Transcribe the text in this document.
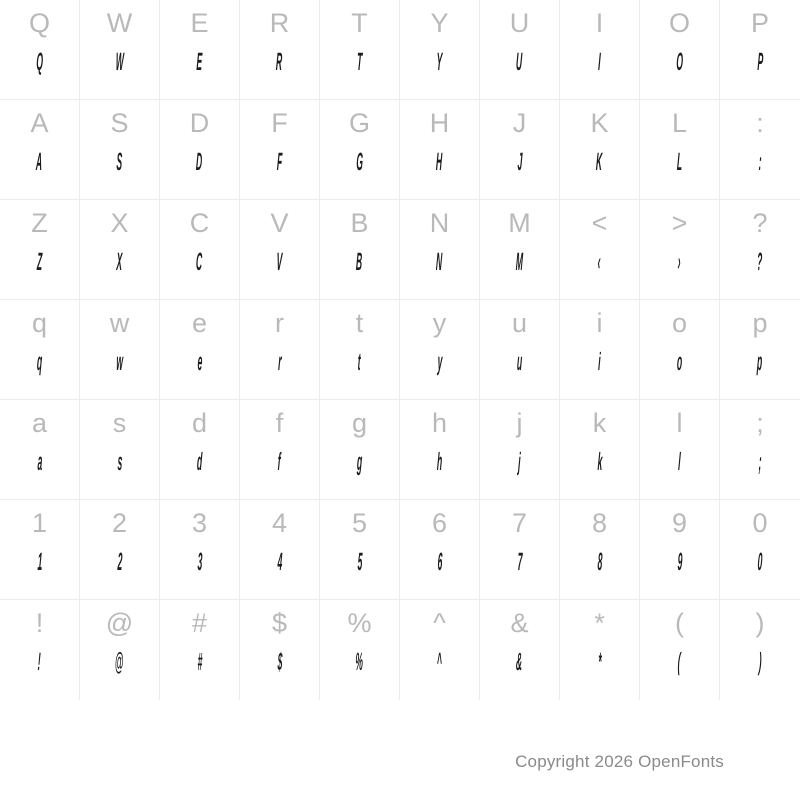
Q
Q
W
W
E
E
R
R
T
T
Y
Y
U
U
I
I
O
O
P
P
A
A
S
S
D
D
F
F
G
G
H
H
J
J
K
K
L
L
:
:
Z
Z
X
X
C
C
V
V
B
B
N
N
M
M
<
‹
>
›
?
?
q
q
w
w
e
e
r
r
t
t
y
y
u
u
i
i
o
o
p
p
a
a
s
s
d
d
f
f
g
g
h
h
j
j
k
k
l
l
;
;
1
1
2
2
3
3
4
4
5
5
6
6
7
7
8
8
9
9
0
0
!
!
@
@
#
#
$
$
%
%
^
^
&
&
*
*
(
(
)
)
Copyright 2026 OpenFonts
